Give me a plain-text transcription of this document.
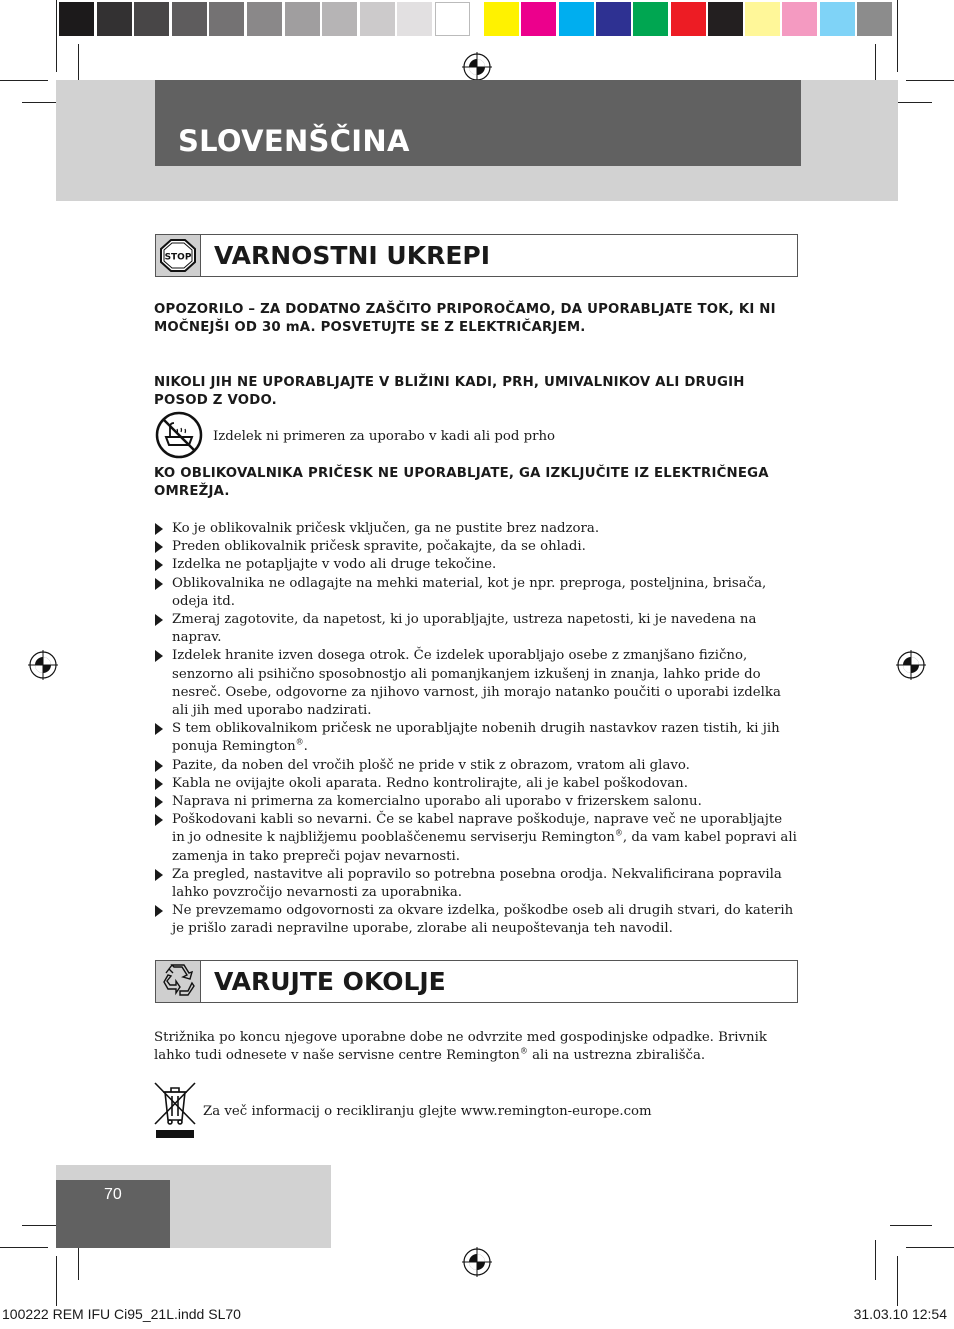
SLOVENŠČINA
STOP VARNOSTNI UKREPI
OPOZORILO – ZA DODATNO ZAŠČITO PRIPOROČAMO, DA UPORABLJATE TOK, KI NI MOČNEJŠI OD 30 mA. POSVETUJTE SE Z ELEKTRIČARJEM.
NIKOLI JIH NE UPORABLJAJTE V BLIŽINI KADI, PRH, UMIVALNIKOV ALI DRUGIH POSOD Z VODO.
Izdelek ni primeren za uporabo v kadi ali pod prho
KO OBLIKOVALNIKA PRIČESK NE UPORABLJATE, GA IZKLJUČITE IZ ELEKTRIČNEGA OMREŽJA.
Ko je oblikovalnik pričesk vključen, ga ne pustite brez nadzora.
Preden oblikovalnik pričesk spravite, počakajte, da se ohladi.
Izdelka ne potapljajte v vodo ali druge tekočine.
Oblikovalnika ne odlagajte na mehki material, kot je npr. preproga, posteljnina, brisača, odeja itd.
Zmeraj zagotovite, da napetost, ki jo uporabljajte, ustreza napetosti, ki je navedena na naprav.
Izdelek hranite izven dosega otrok. Če izdelek uporabljajo osebe z zmanjšano fizično, senzorno ali psihično sposobnostjo ali pomanjkanjem izkušenj in znanja, lahko pride do nesreč. Osebe, odgovorne za njihovo varnost, jih morajo natanko poučiti o uporabi izdelka ali jih med uporabo nadzirati.
S tem oblikovalnikom pričesk ne uporabljajte nobenih drugih nastavkov razen tistih, ki jih ponuja Remington®.
Pazite, da noben del vročih plošč ne pride v stik z obrazom, vratom ali glavo.
Kabla ne ovijajte okoli aparata. Redno kontrolirajte, ali je kabel poškodovan.
Naprava ni primerna za komercialno uporabo ali uporabo v frizerskem salonu.
Poškodovani kabli so nevarni. Če se kabel naprave poškoduje, naprave več ne uporabljajte in jo odnesite k najbližjemu pooblaščenemu serviserju Remington®, da vam kabel popravi ali zamenja in tako prepreči pojav nevarnosti.
Za pregled, nastavitve ali popravilo so potrebna posebna orodja. Nekvalificirana popravila lahko povzročijo nevarnosti za uporabnika.
Ne prevzemamo odgovornosti za okvare izdelka, poškodbe oseb ali drugih stvari, do katerih je prišlo zaradi nepravilne uporabe, zlorabe ali neupoštevanja teh navodil.
VARUJTE OKOLJE
Strižnika po koncu njegove uporabne dobe ne odvrzite med gospodinjske odpadke. Brivnik lahko tudi odnesete v naše servisne centre Remington® ali na ustrezna zbirališča.
Za več informacij o recikliranju glejte www.remington-europe.com
70
100222 REM IFU Ci95_21L.indd SL70	31.03.10 12:54
